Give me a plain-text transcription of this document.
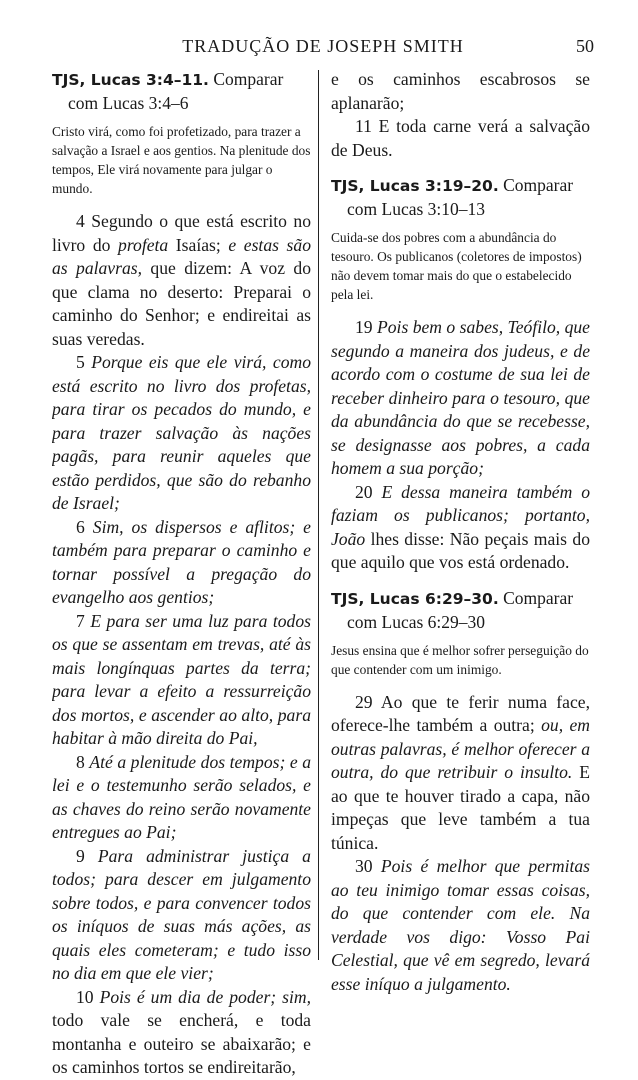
TRADUÇÃO DE JOSEPH SMITH	50

TJS, Lucas 3:4–11. Comparar com Lucas 3:4–6

Cristo virá, como foi profetizado, para trazer a salvação a Israel e aos gentios. Na plenitude dos tempos, Ele virá novamente para julgar o mundo.

4 Segundo o que está escrito no livro do profeta Isaías; e estas são as palavras, que dizem: A voz do que clama no deserto: Preparai o caminho do Senhor; e endireitai as suas veredas.

5 Porque eis que ele virá, como está escrito no livro dos profetas, para tirar os pecados do mundo, e para trazer salvação às nações pagãs, para reunir aqueles que estão perdidos, que são do rebanho de Israel;

6 Sim, os dispersos e aflitos; e também para preparar o caminho e tornar possível a pregação do evangelho aos gentios;

7 E para ser uma luz para todos os que se assentam em trevas, até às mais longínquas partes da terra; para levar a efeito a ressurreição dos mortos, e ascender ao alto, para habitar à mão direita do Pai,

8 Até a plenitude dos tempos; e a lei e o testemunho serão selados, e as chaves do reino serão novamente entregues ao Pai;

9 Para administrar justiça a todos; para descer em julgamento sobre todos, e para convencer todos os iníquos de suas más ações, as quais eles cometeram; e tudo isso no dia em que ele vier;

10 Pois é um dia de poder; sim, todo vale se encherá, e toda montanha e outeiro se abaixarão; e os caminhos tortos se endireitarão,

e os caminhos escabrosos se aplanarão;

11 E toda carne verá a salvação de Deus.

TJS, Lucas 3:19–20. Comparar com Lucas 3:10–13

Cuida-se dos pobres com a abundância do tesouro. Os publicanos (coletores de impostos) não devem tomar mais do que o estabelecido pela lei.

19 Pois bem o sabes, Teófilo, que segundo a maneira dos judeus, e de acordo com o costume de sua lei de receber dinheiro para o tesouro, que da abundância do que se recebesse, se designasse aos pobres, a cada homem a sua porção;

20 E dessa maneira também o faziam os publicanos; portanto, João lhes disse: Não peçais mais do que aquilo que vos está ordenado.

TJS, Lucas 6:29–30. Comparar com Lucas 6:29–30

Jesus ensina que é melhor sofrer perseguição do que contender com um inimigo.

29 Ao que te ferir numa face, oferece-lhe também a outra; ou, em outras palavras, é melhor oferecer a outra, do que retribuir o insulto. E ao que te houver tirado a capa, não impeças que leve também a tua túnica.

30 Pois é melhor que permitas ao teu inimigo tomar essas coisas, do que contender com ele. Na verdade vos digo: Vosso Pai Celestial, que vê em segredo, levará esse iníquo a julgamento.
